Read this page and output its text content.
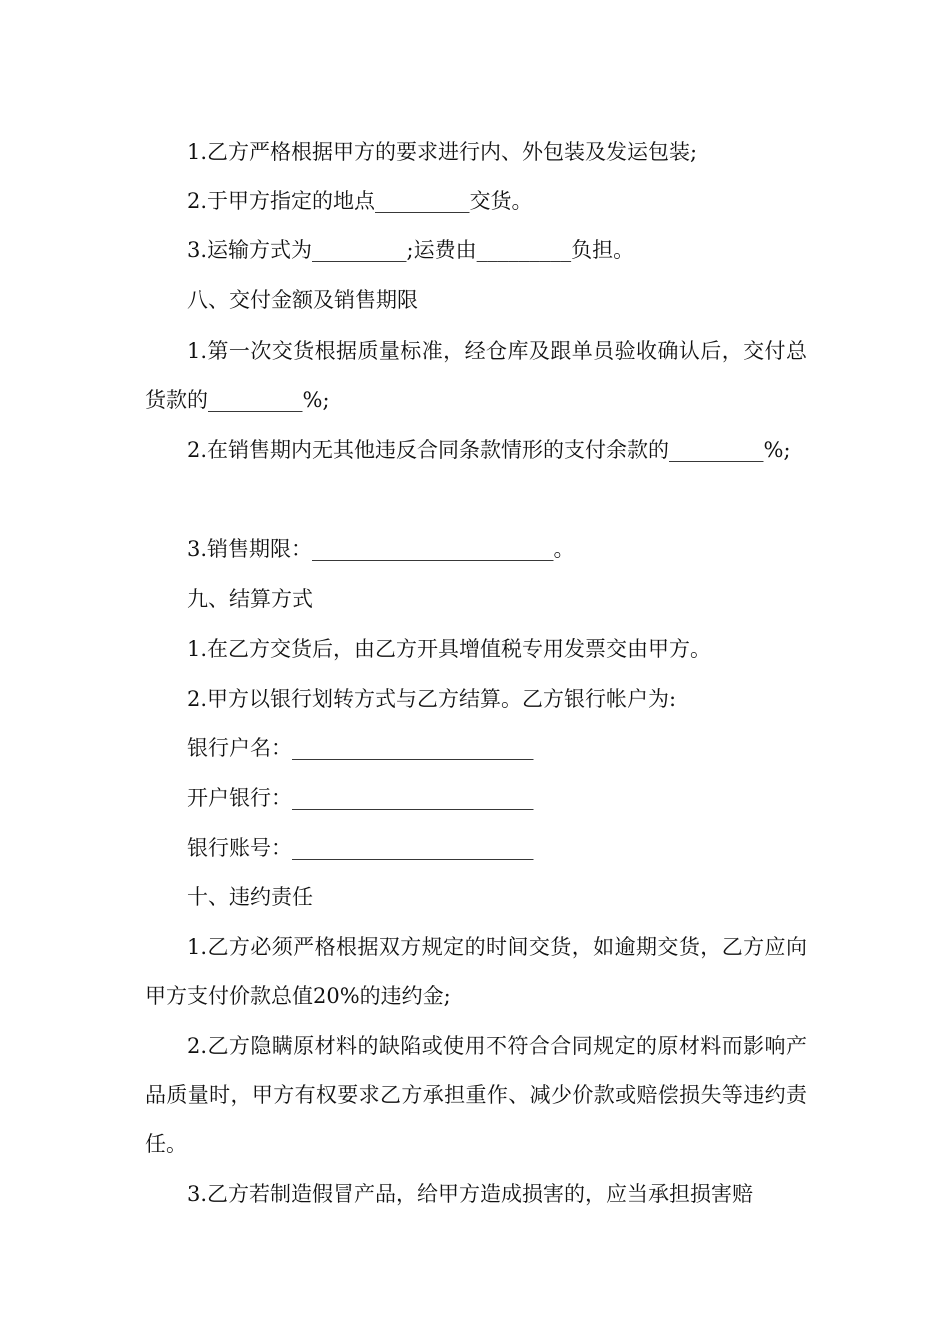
1.乙方严格根据甲方的要求进行内、外包装及发运包装;

2.于甲方指定的地点_________交货。

3.运输方式为_________;运费由_________负担。

八、交付金额及销售期限

1.第一次交货根据质量标准，经仓库及跟单员验收确认后，交付总货款的_________%;

2.在销售期内无其他违反合同条款情形的支付余款的_________%;

3.销售期限：_______________________。

九、结算方式

1.在乙方交货后，由乙方开具增值税专用发票交由甲方。

2.甲方以银行划转方式与乙方结算。乙方银行帐户为:

银行户名：_______________________

开户银行：_______________________

银行账号：_______________________

十、违约责任

1.乙方必须严格根据双方规定的时间交货，如逾期交货，乙方应向甲方支付价款总值20%的违约金;

2.乙方隐瞒原材料的缺陷或使用不符合合同规定的原材料而影响产品质量时，甲方有权要求乙方承担重作、减少价款或赔偿损失等违约责任。

3.乙方若制造假冒产品，给甲方造成损害的，应当承担损害赔
